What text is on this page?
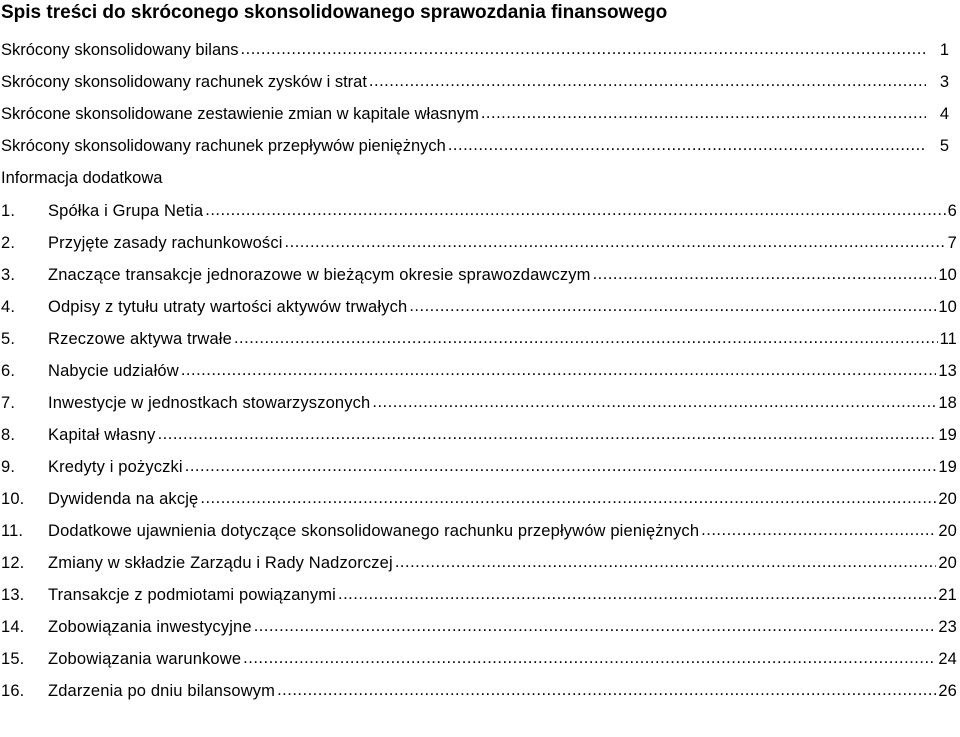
Spis treści do skróconego skonsolidowanego sprawozdania finansowego
Skrócony skonsolidowany bilans .....	1
Skrócony skonsolidowany rachunek zysków i strat .....	3
Skrócone skonsolidowane zestawienie zmian w kapitale własnym .....	4
Skrócony skonsolidowany rachunek przepływów pieniężnych .....	5
Informacja dodatkowa
1.	Spółka i Grupa Netia .....	6
2.	Przyjęte zasady rachunkowości .....	7
3.	Znaczące transakcje jednorazowe w bieżącym okresie sprawozdawczym .....	10
4.	Odpisy z tytułu utraty wartości aktywów trwałych .....	10
5.	Rzeczowe aktywa trwałe .....	11
6.	Nabycie udziałów .....	13
7.	Inwestycje w jednostkach stowarzyszonych .....	18
8.	Kapitał własny .....	19
9.	Kredyty i pożyczki .....	19
10.	Dywidenda na akcję .....	20
11.	Dodatkowe ujawnienia dotyczące skonsolidowanego rachunku przepływów pieniężnych .....	20
12.	Zmiany w składzie Zarządu i Rady Nadzorczej .....	20
13.	Transakcje z podmiotami powiązanymi .....	21
14.	Zobowiązania inwestycyjne .....	23
15.	Zobowiązania warunkowe .....	24
16.	Zdarzenia po dniu bilansowym .....	26
